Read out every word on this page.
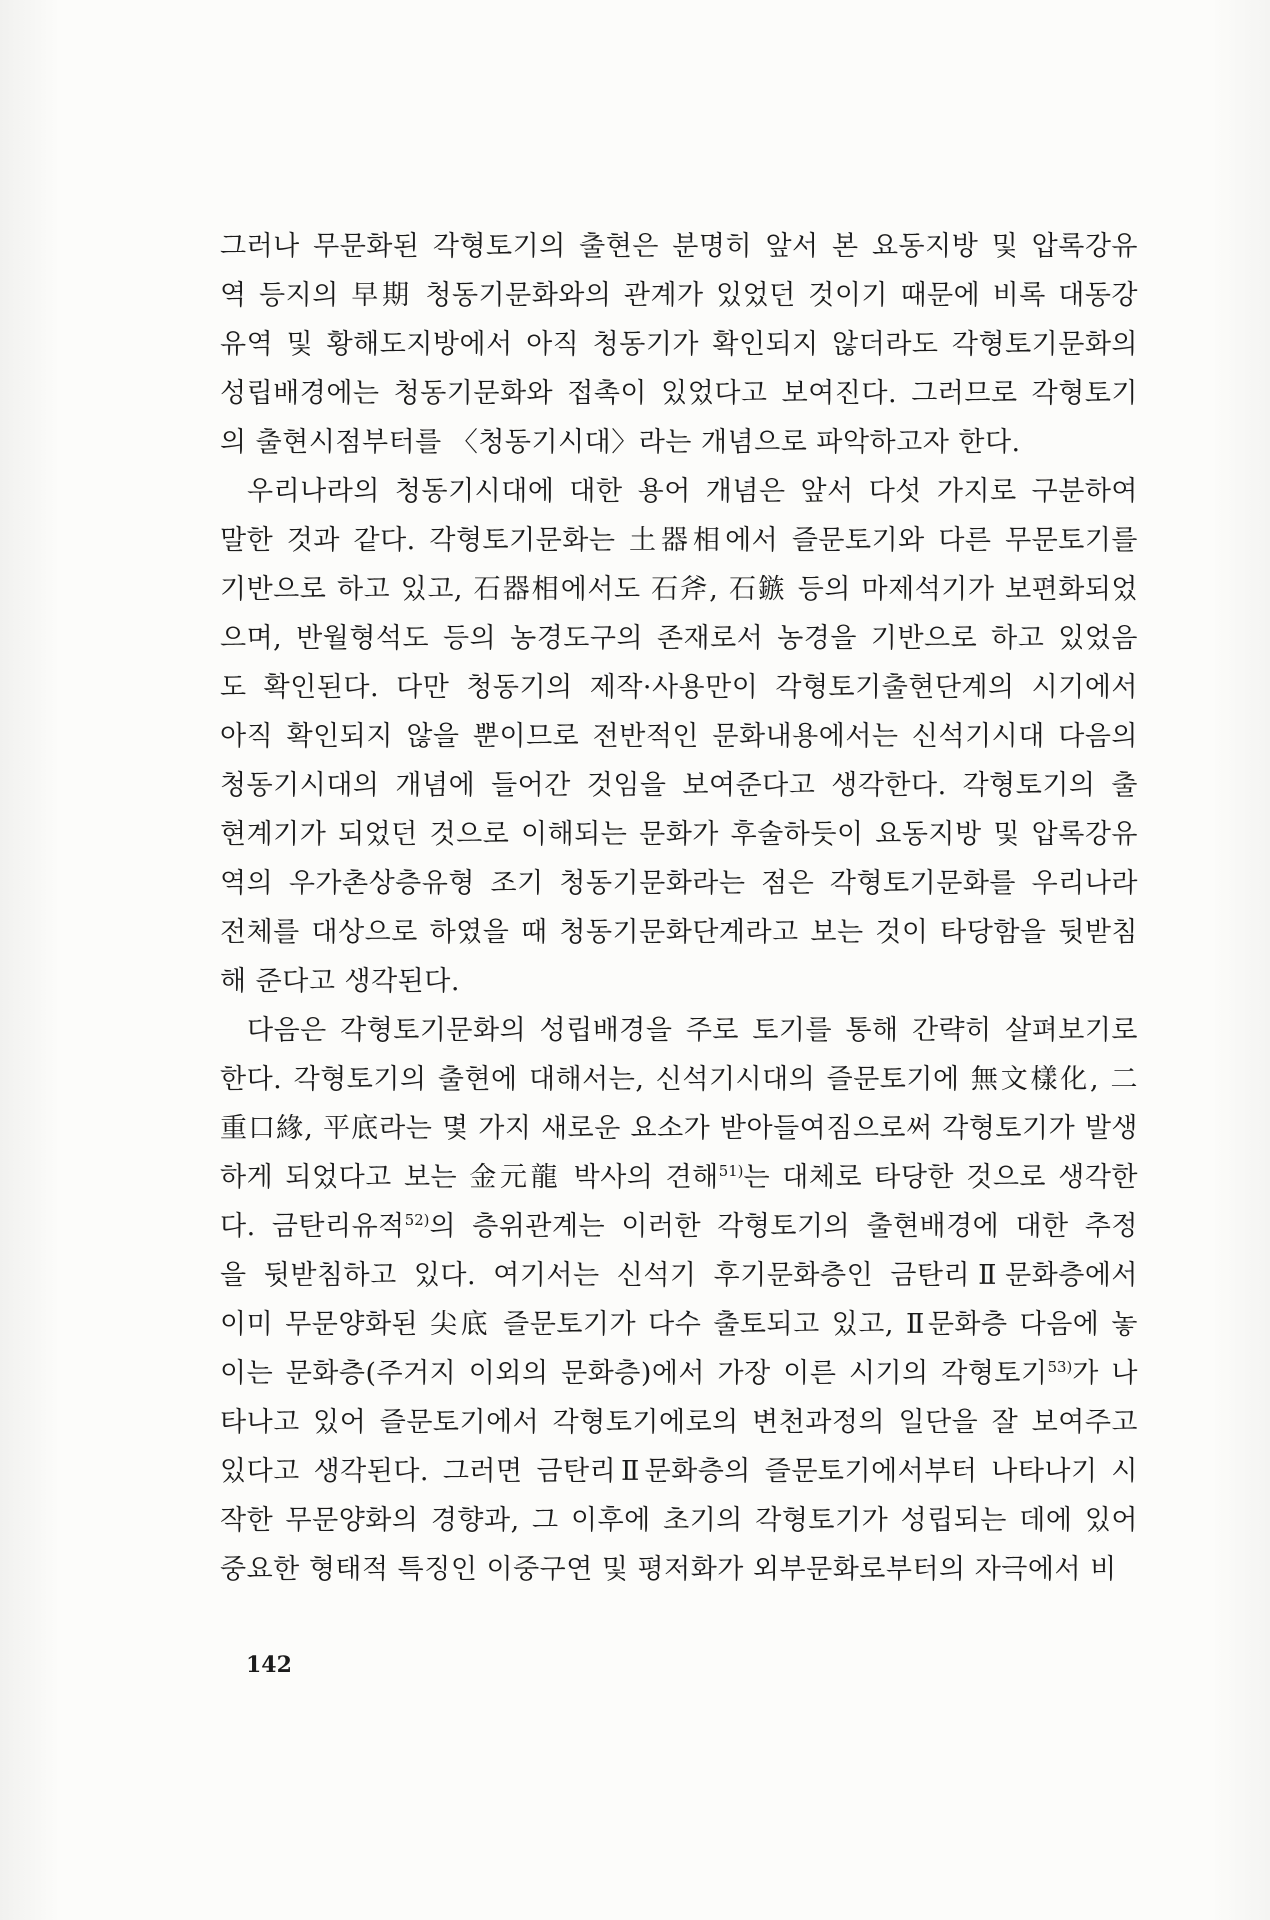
그러나 무문화된 각형토기의 출현은 분명히 앞서 본 요동지방 및 압록강유
역 등지의 早期 청동기문화와의 관계가 있었던 것이기 때문에 비록 대동강
유역 및 황해도지방에서 아직 청동기가 확인되지 않더라도 각형토기문화의
성립배경에는 청동기문화와 접촉이 있었다고 보여진다. 그러므로 각형토기
의 출현시점부터를 〈청동기시대〉라는 개념으로 파악하고자 한다.
우리나라의 청동기시대에 대한 용어 개념은 앞서 다섯 가지로 구분하여
말한 것과 같다. 각형토기문화는 土器相에서 즐문토기와 다른 무문토기를
기반으로 하고 있고, 石器相에서도 石斧, 石鏃 등의 마제석기가 보편화되었
으며, 반월형석도 등의 농경도구의 존재로서 농경을 기반으로 하고 있었음
도 확인된다. 다만 청동기의 제작·사용만이 각형토기출현단계의 시기에서
아직 확인되지 않을 뿐이므로 전반적인 문화내용에서는 신석기시대 다음의
청동기시대의 개념에 들어간 것임을 보여준다고 생각한다. 각형토기의 출
현계기가 되었던 것으로 이해되는 문화가 후술하듯이 요동지방 및 압록강유
역의 우가촌상층유형 조기 청동기문화라는 점은 각형토기문화를 우리나라
전체를 대상으로 하였을 때 청동기문화단계라고 보는 것이 타당함을 뒷받침
해 준다고 생각된다.
다음은 각형토기문화의 성립배경을 주로 토기를 통해 간략히 살펴보기로
한다. 각형토기의 출현에 대해서는, 신석기시대의 즐문토기에 無文樣化, 二
重口緣, 平底라는 몇 가지 새로운 요소가 받아들여짐으로써 각형토기가 발생
하게 되었다고 보는 金元龍 박사의 견해$^{51)}$는 대체로 타당한 것으로 생각한
다. 금탄리유적$^{52)}$의 층위관계는 이러한 각형토기의 출현배경에 대한 추정
을 뒷받침하고 있다. 여기서는 신석기 후기문화층인 금탄리Ⅱ문화층에서
이미 무문양화된 尖底 즐문토기가 다수 출토되고 있고, Ⅱ문화층 다음에 놓
이는 문화층(주거지 이외의 문화층)에서 가장 이른 시기의 각형토기$^{53)}$가 나
타나고 있어 즐문토기에서 각형토기에로의 변천과정의 일단을 잘 보여주고
있다고 생각된다. 그러면 금탄리Ⅱ문화층의 즐문토기에서부터 나타나기 시
작한 무문양화의 경향과, 그 이후에 초기의 각형토기가 성립되는 데에 있어
중요한 형태적 특징인 이중구연 및 평저화가 외부문화로부터의 자극에서 비
142
